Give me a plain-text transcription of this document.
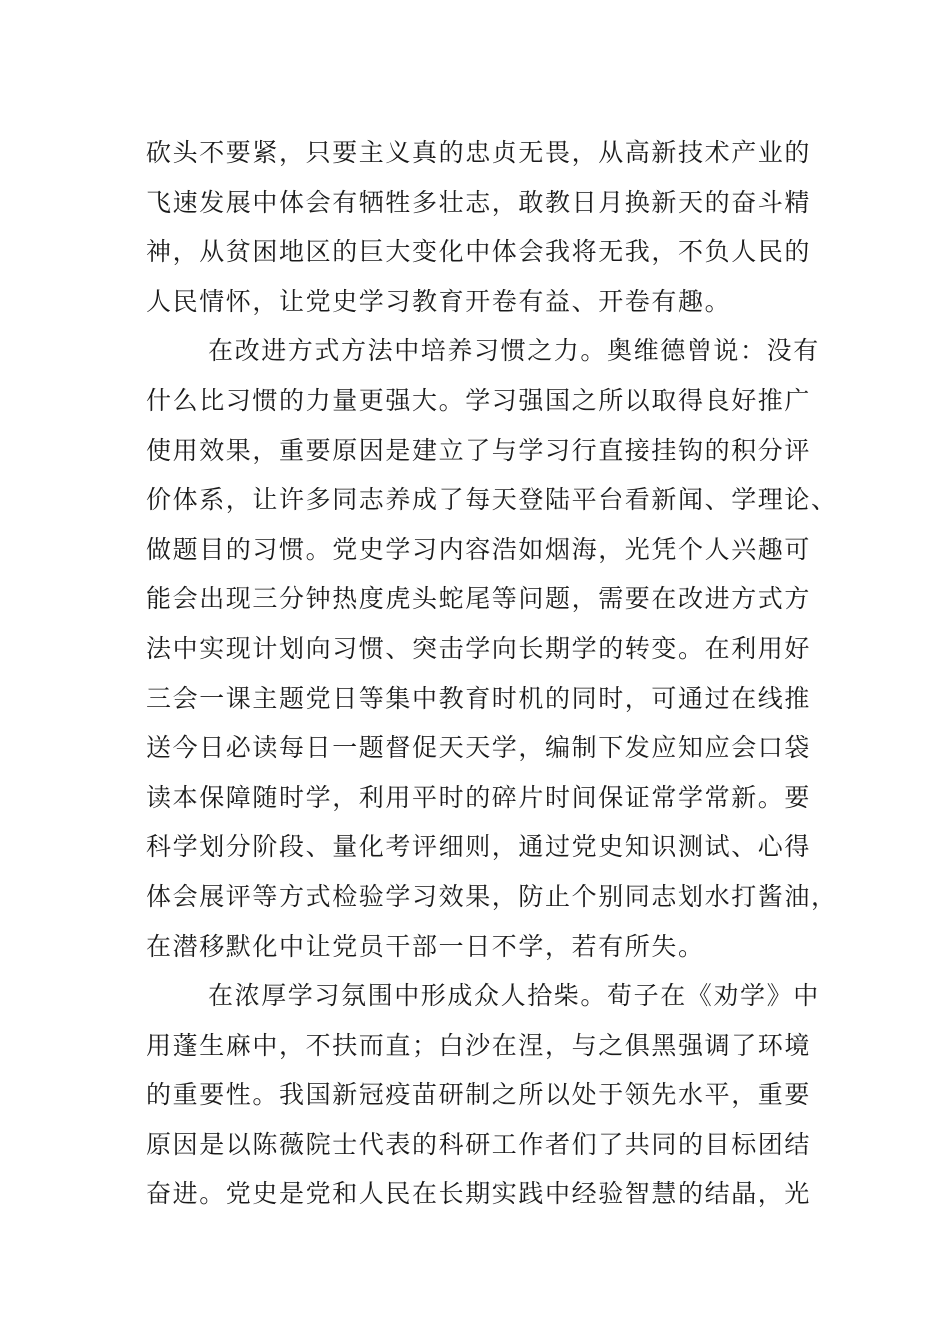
砍头不要紧，只要主义真的忠贞无畏，从高新技术产业的
飞速发展中体会有牺牲多壮志，敢教日月换新天的奋斗精
神，从贫困地区的巨大变化中体会我将无我，不负人民的
人民情怀，让党史学习教育开卷有益、开卷有趣。
在改进方式方法中培养习惯之力。奥维德曾说：没有
什么比习惯的力量更强大。学习强国之所以取得良好推广
使用效果，重要原因是建立了与学习行直接挂钩的积分评
价体系，让许多同志养成了每天登陆平台看新闻、学理论、
做题目的习惯。党史学习内容浩如烟海，光凭个人兴趣可
能会出现三分钟热度虎头蛇尾等问题，需要在改进方式方
法中实现计划向习惯、突击学向长期学的转变。在利用好
三会一课主题党日等集中教育时机的同时，可通过在线推
送今日必读每日一题督促天天学，编制下发应知应会口袋
读本保障随时学，利用平时的碎片时间保证常学常新。要
科学划分阶段、量化考评细则，通过党史知识测试、心得
体会展评等方式检验学习效果，防止个别同志划水打酱油，
在潜移默化中让党员干部一日不学，若有所失。
在浓厚学习氛围中形成众人拾柴。荀子在《劝学》中
用蓬生麻中，不扶而直；白沙在涅，与之俱黑强调了环境
的重要性。我国新冠疫苗研制之所以处于领先水平，重要
原因是以陈薇院士代表的科研工作者们了共同的目标团结
奋进。党史是党和人民在长期实践中经验智慧的结晶，光
